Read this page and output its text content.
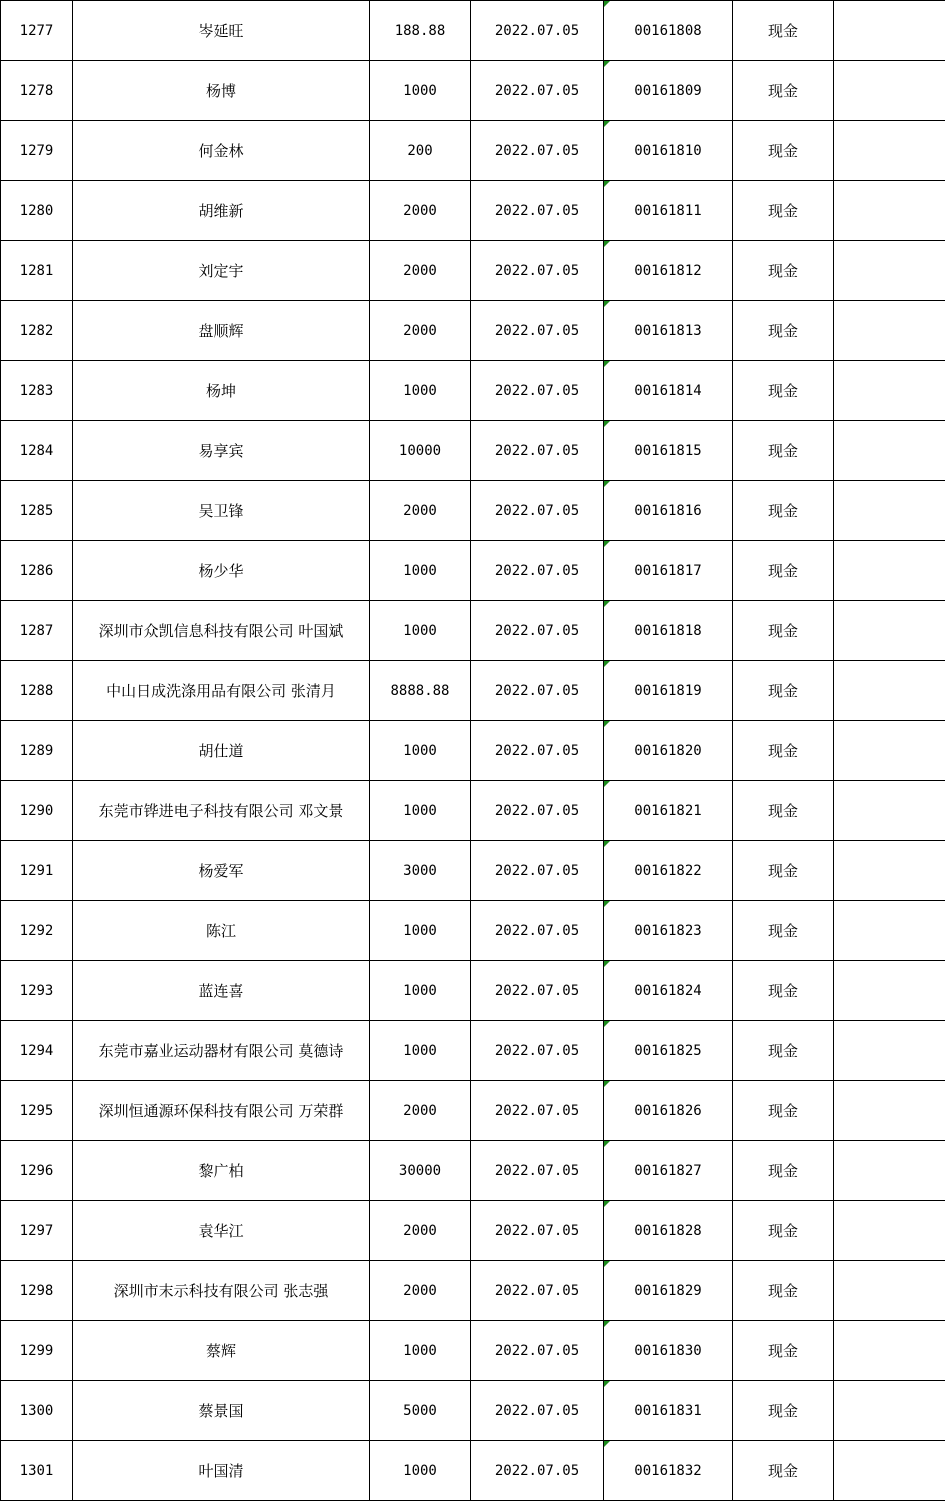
1277	岑延旺	188.88	2022.07.05	00161808	现金	
1278	杨博	1000	2022.07.05	00161809	现金	
1279	何金林	200	2022.07.05	00161810	现金	
1280	胡维新	2000	2022.07.05	00161811	现金	
1281	刘定宇	2000	2022.07.05	00161812	现金	
1282	盘顺辉	2000	2022.07.05	00161813	现金	
1283	杨坤	1000	2022.07.05	00161814	现金	
1284	易享宾	10000	2022.07.05	00161815	现金	
1285	吴卫锋	2000	2022.07.05	00161816	现金	
1286	杨少华	1000	2022.07.05	00161817	现金	
1287	深圳市众凯信息科技有限公司 叶国斌	1000	2022.07.05	00161818	现金	
1288	中山日成洗涤用品有限公司 张清月	8888.88	2022.07.05	00161819	现金	
1289	胡仕道	1000	2022.07.05	00161820	现金	
1290	东莞市铧进电子科技有限公司 邓文景	1000	2022.07.05	00161821	现金	
1291	杨爱军	3000	2022.07.05	00161822	现金	
1292	陈江	1000	2022.07.05	00161823	现金	
1293	蓝连喜	1000	2022.07.05	00161824	现金	
1294	东莞市嘉业运动器材有限公司 莫德诗	1000	2022.07.05	00161825	现金	
1295	深圳恒通源环保科技有限公司 万荣群	2000	2022.07.05	00161826	现金	
1296	黎广柏	30000	2022.07.05	00161827	现金	
1297	袁华江	2000	2022.07.05	00161828	现金	
1298	深圳市末示科技有限公司 张志强	2000	2022.07.05	00161829	现金	
1299	蔡辉	1000	2022.07.05	00161830	现金	
1300	蔡景国	5000	2022.07.05	00161831	现金	
1301	叶国清	1000	2022.07.05	00161832	现金	
